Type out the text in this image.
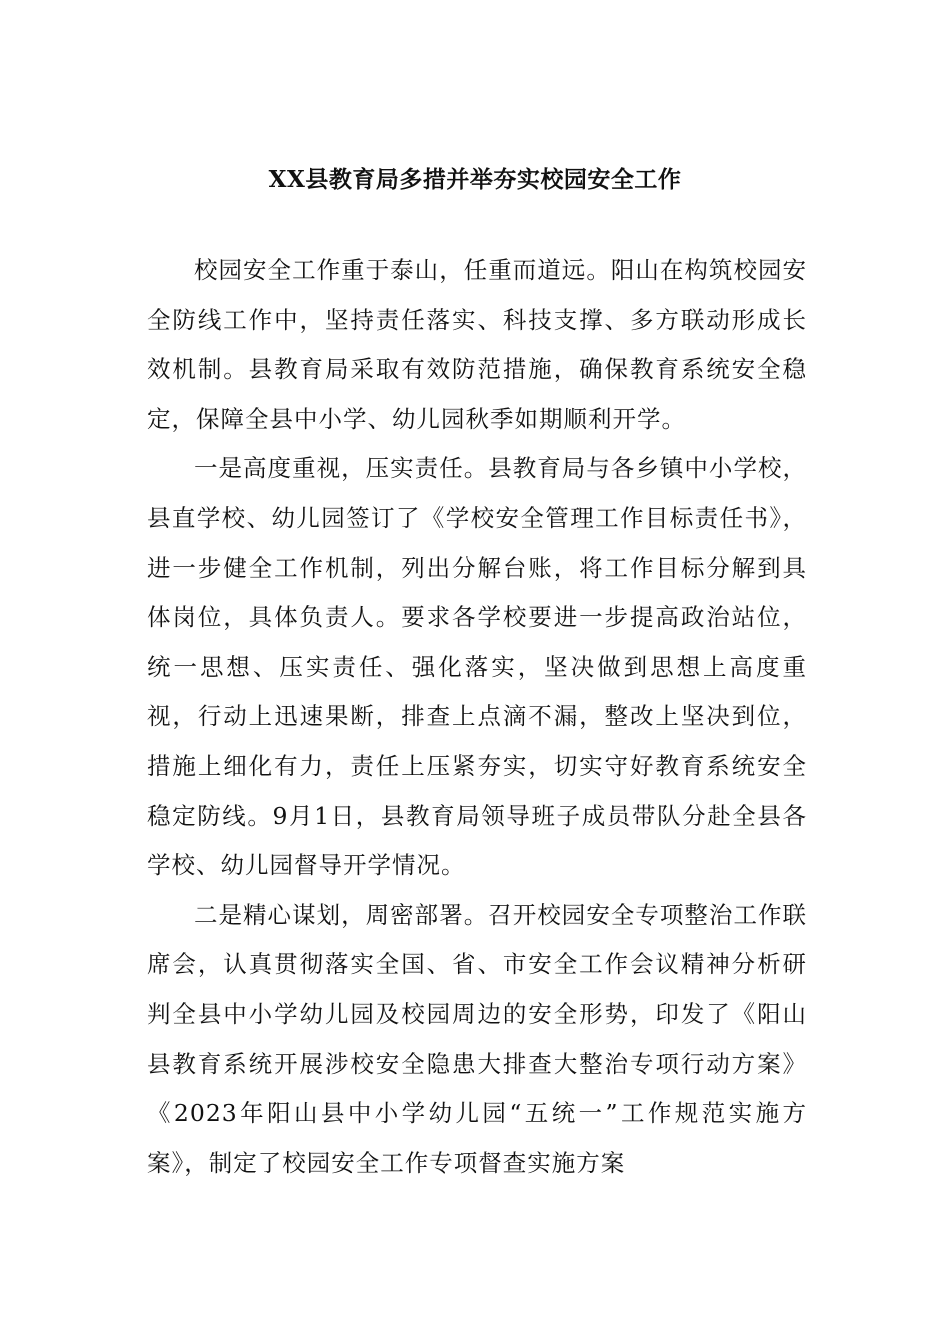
XX县教育局多措并举夯实校园安全工作

校园安全工作重于泰山，任重而道远。阳山在构筑校园安全防线工作中，坚持责任落实、科技支撑、多方联动形成长效机制。县教育局采取有效防范措施，确保教育系统安全稳定，保障全县中小学、幼儿园秋季如期顺利开学。

一是高度重视，压实责任。县教育局与各乡镇中小学校，县直学校、幼儿园签订了《学校安全管理工作目标责任书》，进一步健全工作机制，列出分解台账，将工作目标分解到具体岗位，具体负责人。要求各学校要进一步提高政治站位，统一思想、压实责任、强化落实，坚决做到思想上高度重视，行动上迅速果断，排查上点滴不漏，整改上坚决到位，措施上细化有力，责任上压紧夯实，切实守好教育系统安全稳定防线。9月1日，县教育局领导班子成员带队分赴全县各学校、幼儿园督导开学情况。

二是精心谋划，周密部署。召开校园安全专项整治工作联席会，认真贯彻落实全国、省、市安全工作会议精神分析研判全县中小学幼儿园及校园周边的安全形势，印发了《阳山县教育系统开展涉校安全隐患大排查大整治专项行动方案》《2023年阳山县中小学幼儿园“五统一”工作规范实施方案》，制定了校园安全工作专项督查实施方案
